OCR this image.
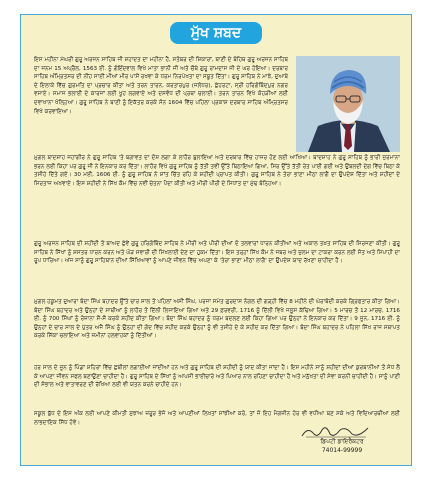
ਮੁੱਖ ਸ਼ਬਦ

ਇਸ ਮਹੀਨਾ ਮੱਘਰੀ ਗੁਰੂ ਅਰਜਨ ਸਾਹਿਬ ਜੀ ਸ਼ਹਾਦਤ ਦਾ ਮਹੀਨਾ ਹੈ, ਸਤੰਬਰ ਦੀ ਸ਼ਿਕਾਰਾਂ, ਬਾਣੀ ਦੇ ਬੋਹਿਥ ਗੁਰੂ ਅਰਜਨ ਸਾਹਿਬ ਦਾ ਜਨਮ 15 ਅਪ੍ਰੈਲ, 1563 ਈ. ਨੂੰ ਗੋਇੰਦਵਾਲ ਵਿਖੇ ਮਾਤਾ ਭਾਨੀ ਜੀ ਅਤੇ ਚੌਥੇ ਗੁਰੂ ਰਾਮਦਾਸ ਜੀ ਦੇ ਘਰ ਹੋਇਆ। ਦਰਬਾਰ ਸਾਹਿਬ ਅੰਮ੍ਰਿਤਸਰ ਦੀ ਨੀਂਹ ਸਾਈਂ ਮੀਆਂ ਮੀਰ ਪਾਸੋਂ ਰਖਵਾ ਕੇ ਧਰਮ ਨਿਰਪੇਖਤਾ ਦਾ ਸਬੂਤ ਦਿੱਤਾ। ਗੁਰੂ ਸਾਹਿਬ ਨੇ ਮਾਝੇ, ਦੁਆਬੇ ਦੇ ਇਲਾਕੇ ਵਿੱਚ ਗੁਰਮਤਿ ਦਾ ਪ੍ਰਚਾਰ ਕੀਤਾ ਅਤੇ ਤਰਨ ਤਾਰਨ, ਕਰਤਾਰਪੁਰ (ਜਲੰਧਰ), ਛੇਹਰਟਾ, ਸ੍ਰੀ ਹਰਿਗੋਬਿੰਦਪੁਰ ਨਗਰ ਵਸਾਏ। ਸਮਾਜ ਭਲਾਈ ਦੇ ਕਾਰਜਾਂ ਲਈ ਖੂਹ ਲਗਵਾਏ ਅਤੇ ਦਸਵੰਧ ਦੀ ਪ੍ਰਥਾ ਚਲਾਈ। ਤਰਨ ਤਾਰਨ ਵਿਖੇ ਕੋਹੜੀਆਂ ਲਈ ਦਵਾਖਾਨਾ ਖੋਲ੍ਹਿਆ। ਗੁਰੂ ਸਾਹਿਬ ਨੇ ਬਾਣੀ ਨੂੰ ਇਕੱਤਰ ਕਰਕੇ ਸੰਨ 1604 ਵਿੱਚ ਪਹਿਲਾ ਪ੍ਰਕਾਸ਼ ਦਰਬਾਰ ਸਾਹਿਬ ਅੰਮ੍ਰਿਤਸਰ ਵਿਖੇ ਕਰਵਾਇਆ।

ਮੁਗਲ ਬਾਦਸ਼ਾਹ ਜਹਾਂਗੀਰ ਨੇ ਗੁਰੂ ਸਾਹਿਬ 'ਤੇ ਬਗਾਵਤ ਦਾ ਦੋਸ਼ ਲਗਾ ਕੇ ਲਾਹੌਰ ਬੁਲਾਇਆ ਅਤੇ ਦਰਬਾਰ ਵਿੱਚ ਹਾਜ਼ਰ ਹੋਣ ਲਈ ਆਖਿਆ। ਬਾਦਸ਼ਾਹ ਨੇ ਗੁਰੂ ਸਾਹਿਬ ਨੂੰ ਭਾਰੀ ਜੁਰਮਾਨਾ ਭਰਨ ਲਈ ਕਿਹਾ ਪਰ ਗੁਰੂ ਜੀ ਨੇ ਇਨਕਾਰ ਕਰ ਦਿੱਤਾ। ਲਾਹੌਰ ਵਿਖੇ ਗੁਰੂ ਸਾਹਿਬ ਨੂੰ ਤੱਤੀ ਤਵੀ ਉੱਤੇ ਬਿਠਾਇਆ ਗਿਆ, ਸਿਰ ਉੱਤੇ ਤੱਤੀ ਰੇਤ ਪਾਈ ਗਈ ਅਤੇ ਉਬਲਦੀ ਦੇਗ ਵਿੱਚ ਬਿਠਾ ਕੇ ਤਸੀਹੇ ਦਿੱਤੇ ਗਏ। 30 ਮਈ, 1606 ਈ. ਨੂੰ ਗੁਰੂ ਸਾਹਿਬ ਨੇ ਸ਼ਾਂਤ ਚਿੱਤ ਰਹਿ ਕੇ ਸ਼ਹੀਦੀ ਪ੍ਰਾਪਤ ਕੀਤੀ। ਗੁਰੂ ਸਾਹਿਬ ਨੇ ਤੇਰਾ ਭਾਣਾ ਮੀਠਾ ਲਾਗੈ ਦਾ ਉਪਦੇਸ਼ ਦਿੱਤਾ ਅਤੇ ਸ਼ਹੀਦਾਂ ਦੇ ਸਿਰਤਾਜ ਅਖਵਾਏ। ਇਸ ਸ਼ਹੀਦੀ ਨੇ ਸਿੱਖ ਕੌਮ ਵਿੱਚ ਨਵੀਂ ਚੇਤਨਾ ਪੈਦਾ ਕੀਤੀ ਅਤੇ ਮੀਰੀ ਪੀਰੀ ਦੇ ਸਿਧਾਂਤ ਦਾ ਮੁੱਢ ਬੰਨ੍ਹਿਆ।

ਗੁਰੂ ਅਰਜਨ ਸਾਹਿਬ ਦੀ ਸ਼ਹੀਦੀ ਤੋਂ ਬਾਅਦ ਛੇਵੇਂ ਗੁਰੂ ਹਰਿਗੋਬਿੰਦ ਸਾਹਿਬ ਨੇ ਮੀਰੀ ਅਤੇ ਪੀਰੀ ਦੀਆਂ ਦੋ ਤਲਵਾਰਾਂ ਧਾਰਨ ਕੀਤੀਆਂ ਅਤੇ ਅਕਾਲ ਤਖ਼ਤ ਸਾਹਿਬ ਦੀ ਸਿਰਜਣਾ ਕੀਤੀ। ਗੁਰੂ ਸਾਹਿਬ ਨੇ ਸਿੱਖਾਂ ਨੂੰ ਸ਼ਸਤਰ ਧਾਰਨ ਕਰਨ ਅਤੇ ਘੋੜ ਸਵਾਰੀ ਦੀ ਸਿਖਲਾਈ ਦੇਣ ਦਾ ਹੁਕਮ ਦਿੱਤਾ। ਇਸ ਤਰ੍ਹਾਂ ਸਿੱਖ ਕੌਮ ਨੇ ਜਬਰ ਅਤੇ ਜ਼ੁਲਮ ਦਾ ਟਾਕਰਾ ਕਰਨ ਲਈ ਸੰਤ ਅਤੇ ਸਿਪਾਹੀ ਦਾ ਰੂਪ ਧਾਰਿਆ। ਅੱਜ ਸਾਨੂੰ ਗੁਰੂ ਸਾਹਿਬਾਨ ਦੀਆਂ ਸਿੱਖਿਆਵਾਂ ਨੂੰ ਆਪਣੇ ਜੀਵਨ ਵਿੱਚ ਅਪਣਾ ਕੇ 'ਤੇਰਾ ਭਾਣਾ ਮੀਠਾ ਲਾਗੈ' ਦਾ ਉਪਦੇਸ਼ ਯਾਦ ਰੱਖਣਾ ਚਾਹੀਦਾ ਹੈ।

ਮੁਗਲ ਹਕੂਮਤ ਦੁਆਰਾ ਬੰਦਾ ਸਿੰਘ ਬਹਾਦਰ ਉੱਤੇ ਚਾਰ ਸਾਲ ਤੋਂ ਪਹਿਲਾਂ ਅਸੀਂ ਸਿੰਘ, ਪਰਜਾ ਸਮੇਤ ਗੁਰਦਾਸ ਨੰਗਲ ਦੀ ਗੜ੍ਹੀ ਵਿੱਚ 8 ਮਹੀਨੇ ਦੀ ਘੇਰਾਬੰਦੀ ਕਰਕੇ ਗ੍ਰਿਫਤਾਰ ਕੀਤਾ ਗਿਆ। ਬੰਦਾ ਸਿੰਘ ਬਹਾਦਰ ਅਤੇ ਉਨ੍ਹਾਂ ਦੇ ਸਾਥੀਆਂ ਨੂੰ ਲਾਹੌਰ ਤੋਂ ਦਿੱਲੀ ਲਿਜਾਇਆ ਗਿਆ ਅਤੇ 29 ਫ਼ਰਵਰੀ, 1716 ਨੂੰ ਦਿੱਲੀ ਵਿਖੇ ਜਲੂਸ ਕੱਢਿਆ ਗਿਆ। 5 ਮਾਰਚ ਤੋਂ 12 ਮਾਰਚ, 1716 ਈ. ਨੂੰ 700 ਸਿੰਘਾਂ ਨੂੰ ਰੋਜ਼ਾਨਾ ਸੌ-ਸੌ ਕਰਕੇ ਸ਼ਹੀਦ ਕੀਤਾ ਗਿਆ। ਬੰਦਾ ਸਿੰਘ ਬਹਾਦਰ ਨੂੰ ਧਰਮ ਬਦਲਣ ਲਈ ਕਿਹਾ ਗਿਆ ਪਰ ਉਨ੍ਹਾਂ ਨੇ ਇਨਕਾਰ ਕਰ ਦਿੱਤਾ। 9 ਜੂਨ, 1716 ਈ. ਨੂੰ ਉਨ੍ਹਾਂ ਦੇ ਚਾਰ ਸਾਲ ਦੇ ਪੁੱਤਰ ਅਜੈ ਸਿੰਘ ਨੂੰ ਉਨ੍ਹਾਂ ਦੀ ਗੋਦ ਵਿੱਚ ਸ਼ਹੀਦ ਕਰਕੇ ਉਨ੍ਹਾਂ ਨੂੰ ਵੀ ਤਸੀਹੇ ਦੇ ਕੇ ਸ਼ਹੀਦ ਕਰ ਦਿੱਤਾ ਗਿਆ। ਬੰਦਾ ਸਿੰਘ ਬਹਾਦਰ ਨੇ ਪਹਿਲਾ ਸਿੱਖ ਰਾਜ ਸਥਾਪਤ ਕਰਕੇ ਸਿੱਕਾ ਚਲਾਇਆ ਅਤੇ ਜ਼ਮੀਨਾਂ ਹਲਵਾਹਕਾਂ ਨੂੰ ਦਿੱਤੀਆਂ।

ਹਰ ਸਾਲ ਦੇ ਜੂਨ ਨੂੰ ਪਿੰਡਾਂ ਸ਼ਹਿਰਾਂ ਵਿੱਚ ਛਬੀਲਾਂ ਲਗਾਈਆਂ ਜਾਂਦੀਆਂ ਹਨ ਅਤੇ ਗੁਰੂ ਸਾਹਿਬ ਦੀ ਸ਼ਹੀਦੀ ਨੂੰ ਯਾਦ ਕੀਤਾ ਜਾਂਦਾ ਹੈ। ਇਸ ਮਹੀਨੇ ਸਾਨੂੰ ਸ਼ਹੀਦਾਂ ਦੀਆਂ ਕੁਰਬਾਨੀਆਂ ਤੋਂ ਸੇਧ ਲੈ ਕੇ ਆਪਣਾ ਜੀਵਨ ਸਫਲ ਬਣਾਉਣਾ ਚਾਹੀਦਾ ਹੈ। ਗੁਰੂ ਸਾਹਿਬ ਦੇ ਸਿੱਖਾਂ ਨੂੰ ਆਪਸੀ ਭਾਈਚਾਰੇ ਅਤੇ ਪਿਆਰ ਨਾਲ ਰਹਿਣਾ ਚਾਹੀਦਾ ਹੈ ਅਤੇ ਮਨੁੱਖਤਾ ਦੀ ਸੇਵਾ ਕਰਨੀ ਚਾਹੀਦੀ ਹੈ। ਸਾਨੂੰ ਪਾਣੀ ਦੀ ਸੰਭਾਲ ਅਤੇ ਵਾਤਾਵਰਣ ਦੀ ਰੱਖਿਆ ਲਈ ਵੀ ਯਤਨ ਕਰਨੇ ਚਾਹੀਦੇ ਹਨ।

ਸਕੂਲ ਬੁੱਧ ਦੇ ਇਸ ਅੰਕ ਲਈ ਆਪਣੇ ਕੀਮਤੀ ਸੁਝਾਅ ਜ਼ਰੂਰ ਭੇਜੋ ਅਤੇ ਆਪਣੀਆਂ ਲਿਖਤਾਂ ਸਾਂਝੀਆਂ ਕਰੋ, ਤਾਂ ਜੋ ਇਹ ਮੈਗਜ਼ੀਨ ਹੋਰ ਵੀ ਵਧੀਆ ਬਣ ਸਕੇ ਅਤੇ ਵਿਦਿਆਰਥੀਆਂ ਲਈ ਲਾਭਦਾਇਕ ਸਿੱਧ ਹੋਵੇ।

ਡਿਪਟੀ ਡਾਇਰੈਕਟਰ
74014-99999
